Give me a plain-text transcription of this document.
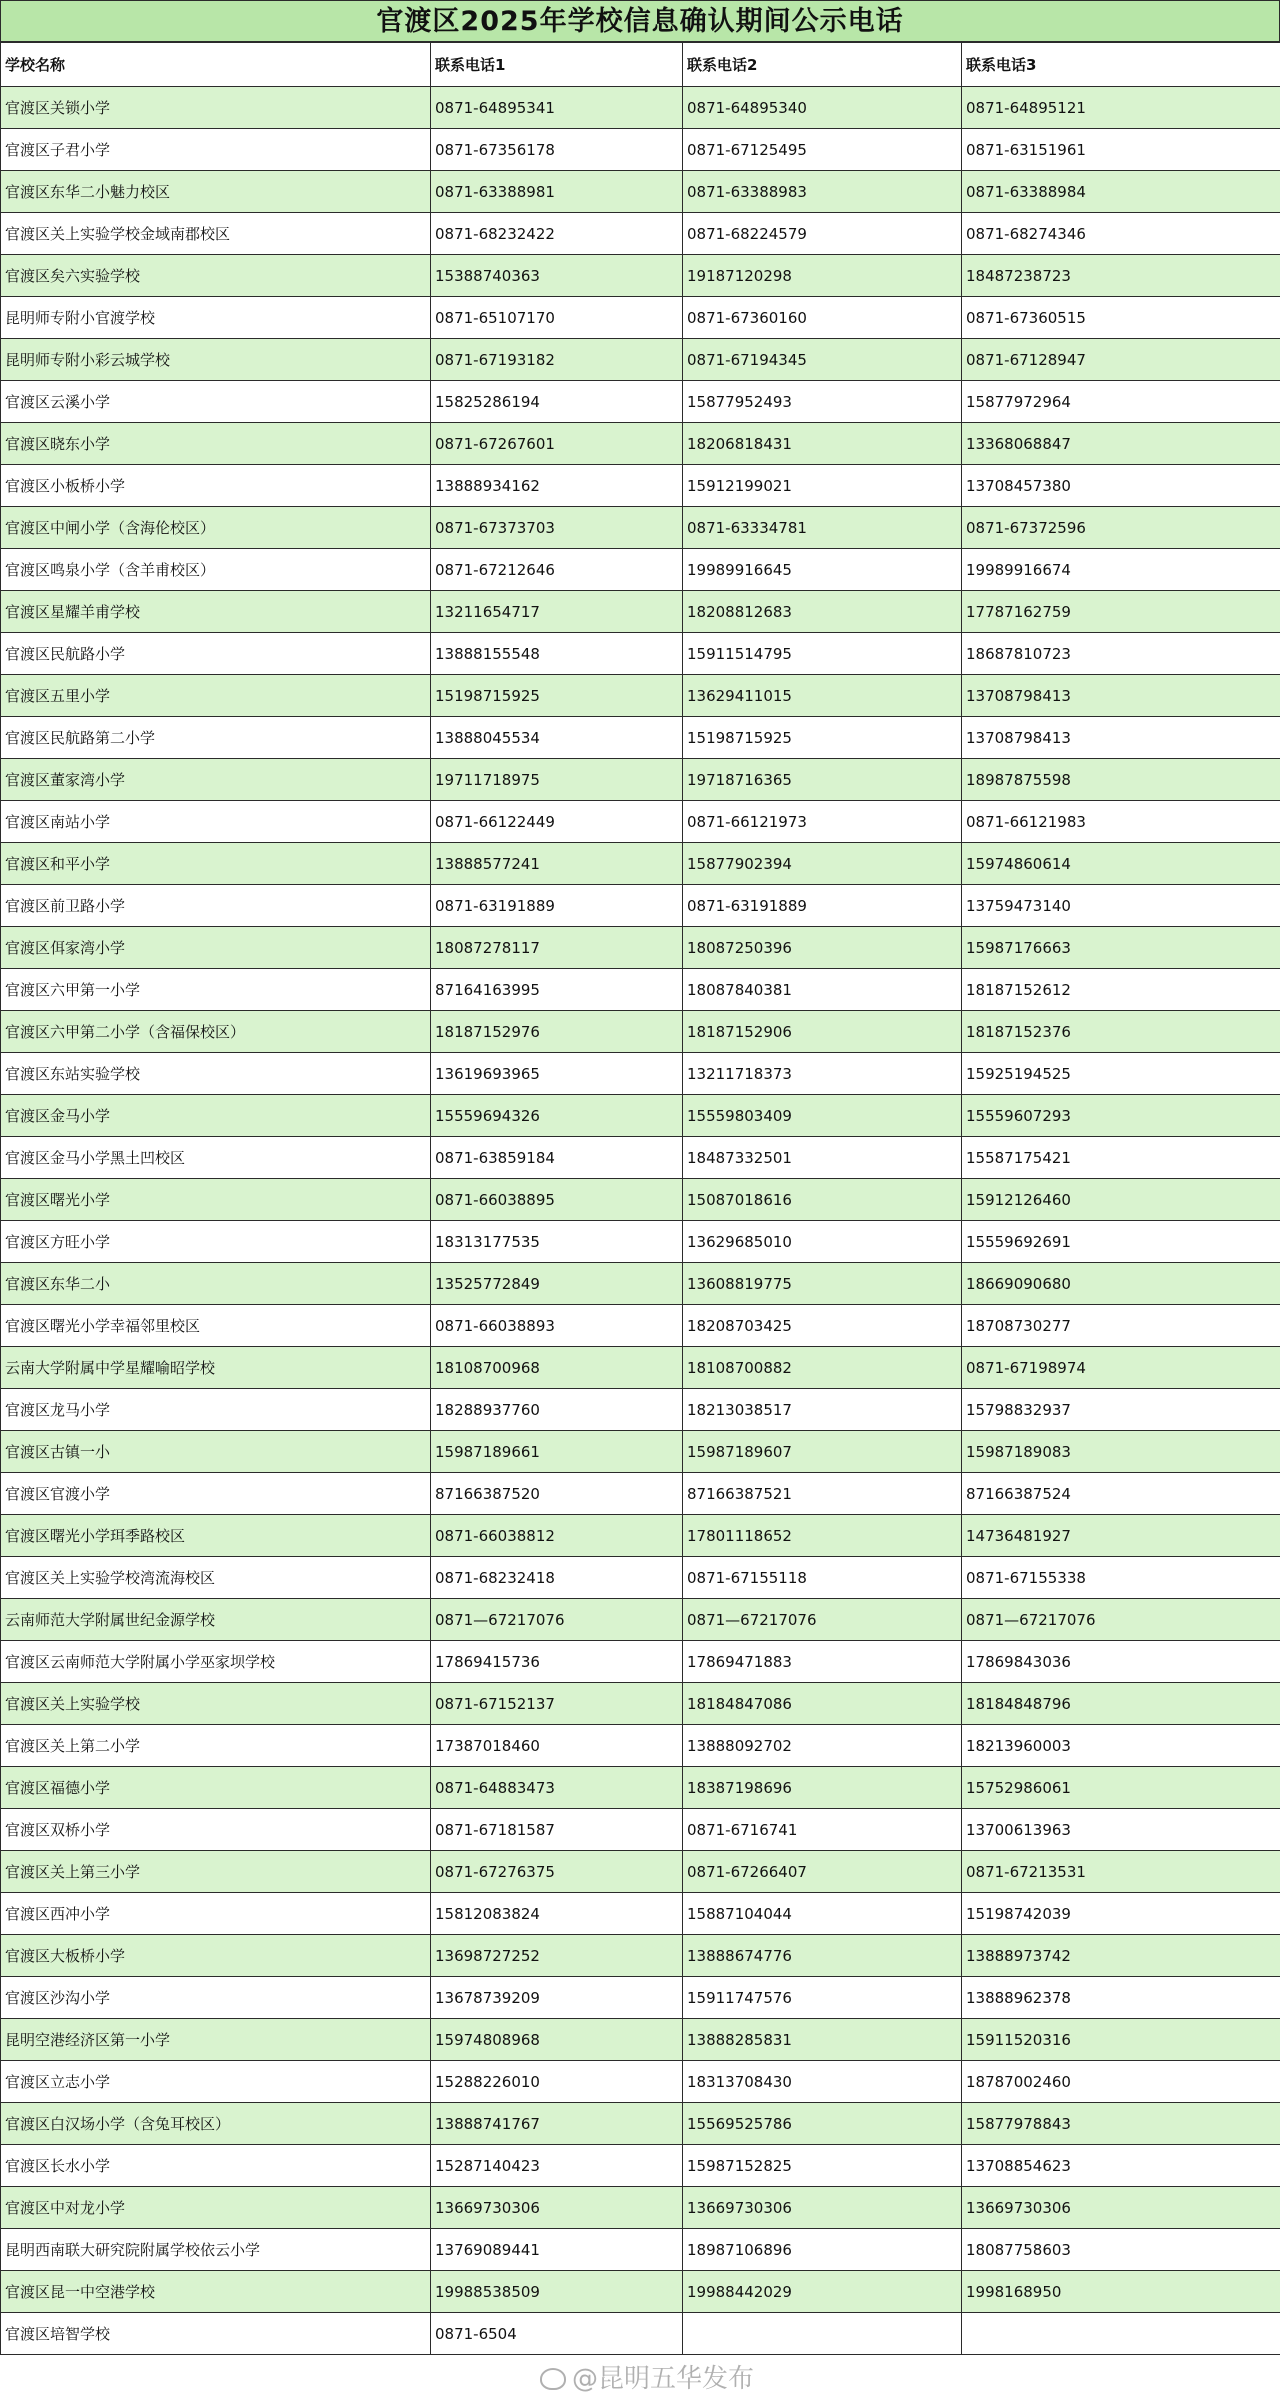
官渡区2025年学校信息确认期间公示电话
学校名称	联系电话1	联系电话2	联系电话3
官渡区关锁小学	0871-64895341	0871-64895340	0871-64895121
官渡区子君小学	0871-67356178	0871-67125495	0871-63151961
官渡区东华二小魅力校区	0871-63388981	0871-63388983	0871-63388984
官渡区关上实验学校金域南郡校区	0871-68232422	0871-68224579	0871-68274346
官渡区矣六实验学校	15388740363	19187120298	18487238723
昆明师专附小官渡学校	0871-65107170	0871-67360160	0871-67360515
昆明师专附小彩云城学校	0871-67193182	0871-67194345	0871-67128947
官渡区云溪小学	15825286194	15877952493	15877972964
官渡区晓东小学	0871-67267601	18206818431	13368068847
官渡区小板桥小学	13888934162	15912199021	13708457380
官渡区中闸小学（含海伦校区）	0871-67373703	0871-63334781	0871-67372596
官渡区鸣泉小学（含羊甫校区）	0871-67212646	19989916645	19989916674
官渡区星耀羊甫学校	13211654717	18208812683	17787162759
官渡区民航路小学	13888155548	15911514795	18687810723
官渡区五里小学	15198715925	13629411015	13708798413
官渡区民航路第二小学	13888045534	15198715925	13708798413
官渡区董家湾小学	19711718975	19718716365	18987875598
官渡区南站小学	0871-66122449	0871-66121973	0871-66121983
官渡区和平小学	13888577241	15877902394	15974860614
官渡区前卫路小学	0871-63191889	0871-63191889	13759473140
官渡区佴家湾小学	18087278117	18087250396	15987176663
官渡区六甲第一小学	87164163995	18087840381	18187152612
官渡区六甲第二小学（含福保校区）	18187152976	18187152906	18187152376
官渡区东站实验学校	13619693965	13211718373	15925194525
官渡区金马小学	15559694326	15559803409	15559607293
官渡区金马小学黑土凹校区	0871-63859184	18487332501	15587175421
官渡区曙光小学	0871-66038895	15087018616	15912126460
官渡区方旺小学	18313177535	13629685010	15559692691
官渡区东华二小	13525772849	13608819775	18669090680
官渡区曙光小学幸福邻里校区	0871-66038893	18208703425	18708730277
云南大学附属中学星耀喻昭学校	18108700968	18108700882	0871-67198974
官渡区龙马小学	18288937760	18213038517	15798832937
官渡区古镇一小	15987189661	15987189607	15987189083
官渡区官渡小学	87166387520	87166387521	87166387524
官渡区曙光小学珥季路校区	0871-66038812	17801118652	14736481927
官渡区关上实验学校湾流海校区	0871-68232418	0871-67155118	0871-67155338
云南师范大学附属世纪金源学校	0871—67217076	0871—67217076	0871—67217076
官渡区云南师范大学附属小学巫家坝学校	17869415736	17869471883	17869843036
官渡区关上实验学校	0871-67152137	18184847086	18184848796
官渡区关上第二小学	17387018460	13888092702	18213960003
官渡区福德小学	0871-64883473	18387198696	15752986061
官渡区双桥小学	0871-67181587	0871-6716741	13700613963
官渡区关上第三小学	0871-67276375	0871-67266407	0871-67213531
官渡区西冲小学	15812083824	15887104044	15198742039
官渡区大板桥小学	13698727252	13888674776	13888973742
官渡区沙沟小学	13678739209	15911747576	13888962378
昆明空港经济区第一小学	15974808968	13888285831	15911520316
官渡区立志小学	15288226010	18313708430	18787002460
官渡区白汉场小学（含兔耳校区）	13888741767	15569525786	15877978843
官渡区长水小学	15287140423	15987152825	13708854623
官渡区中对龙小学	13669730306	13669730306	13669730306
昆明西南联大研究院附属学校依云小学	13769089441	18987106896	18087758603
官渡区昆一中空港学校	19988538509	19988442029	1998168950
官渡区培智学校	0871-6504		
@昆明五华发布
